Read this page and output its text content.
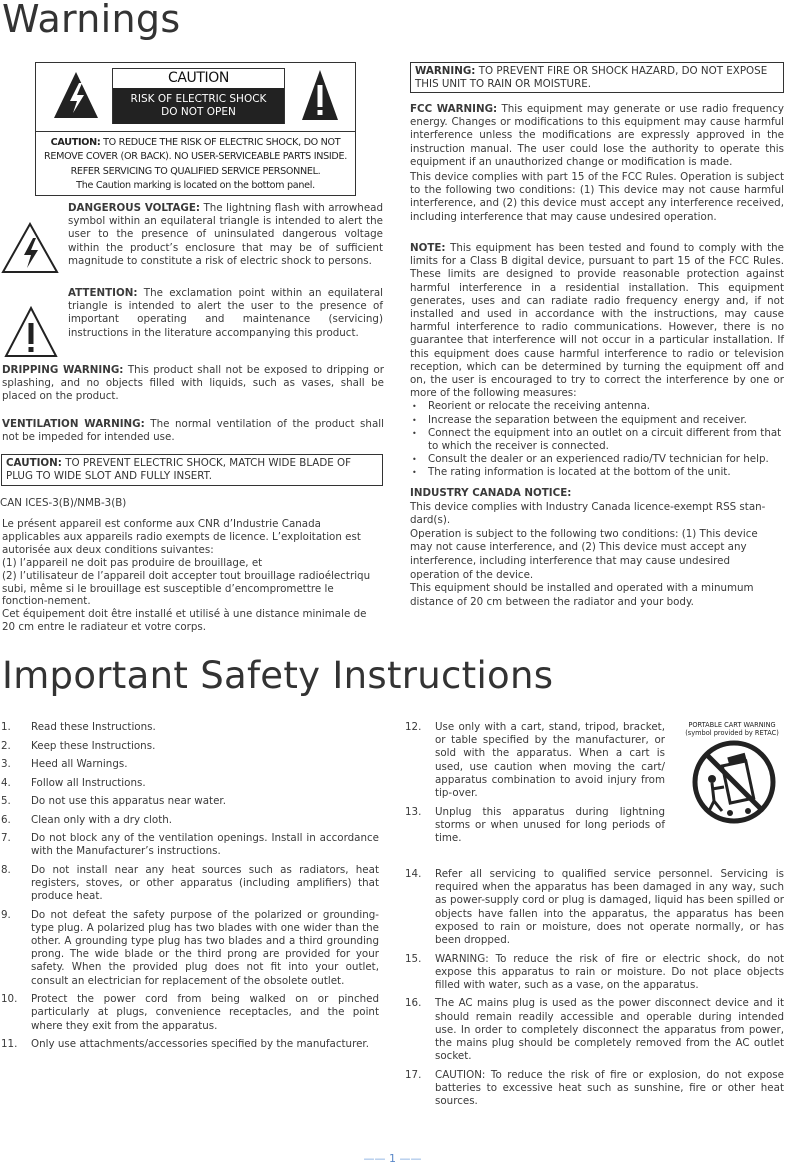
Warnings
CAUTION
RISK OF ELECTRIC SHOCK
DO NOT OPEN
CAUTION: TO REDUCE THE RISK OF ELECTRIC SHOCK, DO NOT REMOVE COVER (OR BACK). NO USER-SERVICEABLE PARTS INSIDE. REFER SERVICING TO QUALIFIED SERVICE PERSONNEL.
The Caution marking is located on the bottom panel.
DANGEROUS VOLTAGE: The lightning flash with arrowhead symbol within an equilateral triangle is intended to alert the user to the presence of uninsulated dangerous voltage within the product’s enclosure that may be of sufficient magnitude to constitute a risk of electric shock to persons.
ATTENTION: The exclamation point within an equilateral triangle is intended to alert the user to the presence of important operating and maintenance (servicing) instructions in the literature accompanying this product.
DRIPPING WARNING: This product shall not be exposed to dripping or splashing, and no objects filled with liquids, such as vases, shall be placed on the product.
VENTILATION WARNING: The normal ventilation of the product shall not be impeded for intended use.
CAUTION: TO PREVENT ELECTRIC SHOCK, MATCH WIDE BLADE OF PLUG TO WIDE SLOT AND FULLY INSERT.
CAN ICES-3(B)/NMB-3(B)
Le présent appareil est conforme aux CNR d’Industrie Canada applicables aux appareils radio exempts de licence. L’exploitation est autorisée aux deux conditions suivantes:
(1) l’appareil ne doit pas produire de brouillage, et
(2) l’utilisateur de l’appareil doit accepter tout brouillage radioélectriqu subi, même si le brouillage est susceptible d’encompromettre le fonction-nement.
Cet équipement doit être installé et utilisé à une distance minimale de 20 cm entre le radiateur et votre corps.
WARNING: TO PREVENT FIRE OR SHOCK HAZARD, DO NOT EXPOSE THIS UNIT TO RAIN OR MOISTURE.
FCC WARNING: This equipment may generate or use radio frequency energy. Changes or modifications to this equipment may cause harmful interference unless the modifications are expressly approved in the instruction manual. The user could lose the authority to operate this equipment if an unauthorized change or modification is made.
This device complies with part 15 of the FCC Rules. Operation is subject to the following two conditions: (1) This device may not cause harmful interference, and (2) this device must accept any interference received, including interference that may cause undesired operation.
NOTE: This equipment has been tested and found to comply with the limits for a Class B digital device, pursuant to part 15 of the FCC Rules. These limits are designed to provide reasonable protection against harmful interference in a residential installation. This equipment generates, uses and can radiate radio frequency energy and, if not installed and used in accordance with the instructions, may cause harmful interference to radio communications. However, there is no guarantee that interference will not occur in a particular installation. If this equipment does cause harmful interference to radio or television reception, which can be determined by turning the equipment off and on, the user is encouraged to try to correct the interference by one or more of the following measures:
• Reorient or relocate the receiving antenna.
• Increase the separation between the equipment and receiver.
• Connect the equipment into an outlet on a circuit different from that to which the receiver is connected.
• Consult the dealer or an experienced radio/TV technician for help.
• The rating information is located at the bottom of the unit.
INDUSTRY CANADA NOTICE:
This device complies with Industry Canada licence-exempt RSS stan-dard(s).
Operation is subject to the following two conditions: (1) This device may not cause interference, and (2) This device must accept any interference, including interference that may cause undesired operation of the device.
This equipment should be installed and operated with a minumum distance of 20 cm between the radiator and your body.
Important Safety Instructions
1. Read these Instructions.
2. Keep these Instructions.
3. Heed all Warnings.
4. Follow all Instructions.
5. Do not use this apparatus near water.
6. Clean only with a dry cloth.
7. Do not block any of the ventilation openings. Install in accordance with the Manufacturer’s instructions.
8. Do not install near any heat sources such as radiators, heat registers, stoves, or other apparatus (including amplifiers) that produce heat.
9. Do not defeat the safety purpose of the polarized or grounding-type plug. A polarized plug has two blades with one wider than the other. A grounding type plug has two blades and a third grounding prong. The wide blade or the third prong are provided for your safety. When the provided plug does not fit into your outlet, consult an electrician for replacement of the obsolete outlet.
10. Protect the power cord from being walked on or pinched particularly at plugs, convenience receptacles, and the point where they exit from the apparatus.
11. Only use attachments/accessories specified by the manufacturer.
12. Use only with a cart, stand, tripod, bracket, or table specified by the manufacturer, or sold with the apparatus. When a cart is used, use caution when moving the cart/ apparatus combination to avoid injury from tip-over.
13. Unplug this apparatus during lightning storms or when unused for long periods of time.
PORTABLE CART WARNING
(symbol provided by RETAC)
14. Refer all servicing to qualified service personnel. Servicing is required when the apparatus has been damaged in any way, such as power-supply cord or plug is damaged, liquid has been spilled or objects have fallen into the apparatus, the apparatus has been exposed to rain or moisture, does not operate normally, or has been dropped.
15. WARNING: To reduce the risk of fire or electric shock, do not expose this apparatus to rain or moisture. Do not place objects filled with water, such as a vase, on the apparatus.
16. The AC mains plug is used as the power disconnect device and it should remain readily accessible and operable during intended use. In order to completely disconnect the apparatus from power, the mains plug should be completely removed from the AC outlet socket.
17. CAUTION: To reduce the risk of fire or explosion, do not expose batteries to excessive heat such as sunshine, fire or other heat sources.
—— 1 ——
